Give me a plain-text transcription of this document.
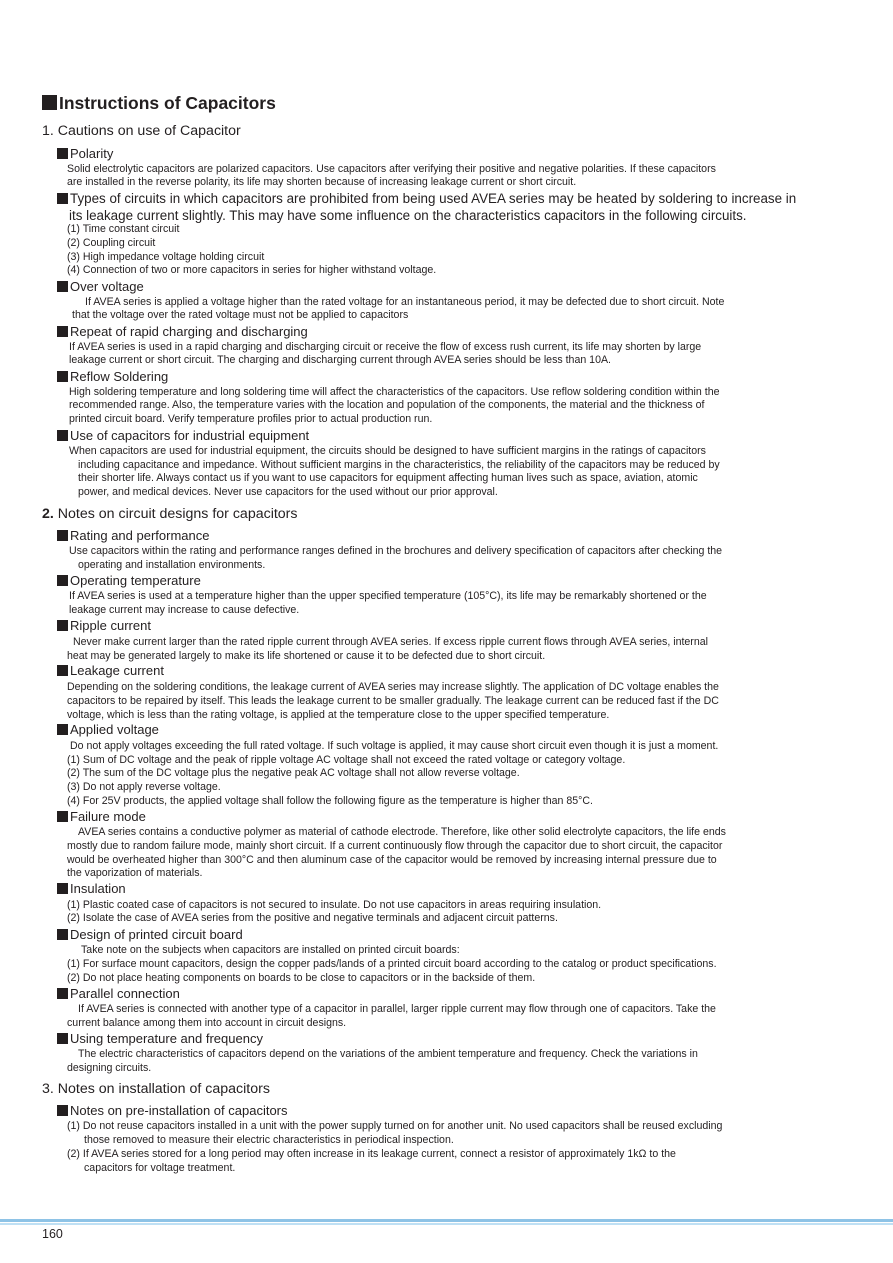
Instructions of Capacitors
1. Cautions on use of Capacitor
Polarity
Solid electrolytic capacitors are polarized capacitors. Use capacitors after verifying their positive and negative polarities. If these capacitors
are installed in the reverse polarity, its life may shorten because of increasing leakage current or short circuit.
Types of circuits in which capacitors are prohibited from being used AVEA series may be heated by soldering to increase in
its leakage current slightly. This may have some influence on the characteristics capacitors in the following circuits.
(1) Time constant circuit
(2) Coupling circuit
(3) High impedance voltage holding circuit
(4) Connection of two or more capacitors in series for higher withstand voltage.
Over voltage
If AVEA series is applied a voltage higher than the rated voltage for an instantaneous period, it may be defected due to short circuit. Note
that the voltage over the rated voltage must not be applied to capacitors
Repeat of rapid charging and discharging
If AVEA series is used in a rapid charging and discharging circuit or receive the flow of excess rush current, its life may shorten by large
leakage current or short circuit. The charging and discharging current through AVEA series should be less than 10A.
Reflow Soldering
High soldering temperature and long soldering time will affect the characteristics of the capacitors. Use reflow soldering condition within the
recommended range. Also, the temperature varies with the location and population of the components, the material and the thickness of
printed circuit board. Verify temperature profiles prior to actual production run.
Use of capacitors for industrial equipment
When capacitors are used for industrial equipment, the circuits should be designed to have sufficient margins in the ratings of capacitors
including capacitance and impedance. Without sufficient margins in the characteristics, the reliability of the capacitors may be reduced by
their shorter life. Always contact us if you want to use capacitors for equipment affecting human lives such as space, aviation, atomic
power, and medical devices. Never use capacitors for the used without our prior approval.
2. Notes on circuit designs for capacitors
Rating and performance
Use capacitors within the rating and performance ranges defined in the brochures and delivery specification of capacitors after checking the
operating and installation environments.
Operating temperature
If AVEA series is used at a temperature higher than the upper specified temperature (105°C), its life may be remarkably shortened or the
leakage current may increase to cause defective.
Ripple current
Never make current larger than the rated ripple current through AVEA series. If excess ripple current flows through AVEA series, internal
heat may be generated largely to make its life shortened or cause it to be defected due to short circuit.
Leakage current
Depending on the soldering conditions, the leakage current of AVEA series may increase slightly. The application of DC voltage enables the
capacitors to be repaired by itself. This leads the leakage current to be smaller gradually. The leakage current can be reduced fast if the DC
voltage, which is less than the rating voltage, is applied at the temperature close to the upper specified temperature.
Applied voltage
Do not apply voltages exceeding the full rated voltage. If such voltage is applied, it may cause short circuit even though it is just a moment.
(1) Sum of DC voltage and the peak of ripple voltage AC voltage shall not exceed the rated voltage or category voltage.
(2) The sum of the DC voltage plus the negative peak AC voltage shall not allow reverse voltage.
(3) Do not apply reverse voltage.
(4) For 25V products, the applied voltage shall follow the following figure as the temperature is higher than 85°C.
Failure mode
AVEA series contains a conductive polymer as material of cathode electrode. Therefore, like other solid electrolyte capacitors, the life ends
mostly due to random failure mode, mainly short circuit. If a current continuously flow through the capacitor due to short circuit, the capacitor
would be overheated higher than 300°C and then aluminum case of the capacitor would be removed by increasing internal pressure due to
the vaporization of materials.
Insulation
(1) Plastic coated case of capacitors is not secured to insulate. Do not use capacitors in areas requiring insulation.
(2) Isolate the case of AVEA series from the positive and negative terminals and adjacent circuit patterns.
Design of printed circuit board
Take note on the subjects when capacitors are installed on printed circuit boards:
(1) For surface mount capacitors, design the copper pads/lands of a printed circuit board according to the catalog or product specifications.
(2) Do not place heating components on boards to be close to capacitors or in the backside of them.
Parallel connection
If AVEA series is connected with another type of a capacitor in parallel, larger ripple current may flow through one of capacitors. Take the
current balance among them into account in circuit designs.
Using temperature and frequency
The electric characteristics of capacitors depend on the variations of the ambient temperature and frequency. Check the variations in
designing circuits.
3. Notes on installation of capacitors
Notes on pre-installation of capacitors
(1) Do not reuse capacitors installed in a unit with the power supply turned on for another unit. No used capacitors shall be reused excluding
those removed to measure their electric characteristics in periodical inspection.
(2) If AVEA series stored for a long period may often increase in its leakage current, connect a resistor of approximately 1kΩ to the
capacitors for voltage treatment.
160
